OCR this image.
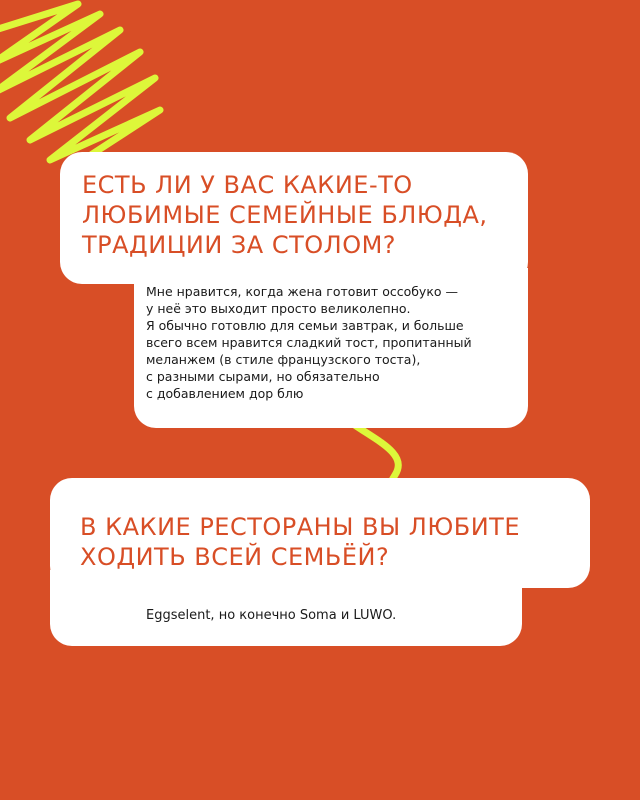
ЕСТЬ ЛИ У ВАС КАКИЕ-ТО ЛЮБИМЫЕ СЕМЕЙНЫЕ БЛЮДА, ТРАДИЦИИ ЗА СТОЛОМ?

Мне нравится, когда жена готовит оссобуко —

у неё это выходит просто великолепно.

Я обычно готовлю для семьи завтрак, и больше

всего всем нравится сладкий тост, пропитанный

меланжем (в стиле французского тоста),

с разными сырами, но обязательно

с добавлением дор блю

В КАКИЕ РЕСТОРАНЫ ВЫ ЛЮБИТЕ ХОДИТЬ ВСЕЙ СЕМЬЁЙ?

Eggselent, но конечно Soma и LUWO.
